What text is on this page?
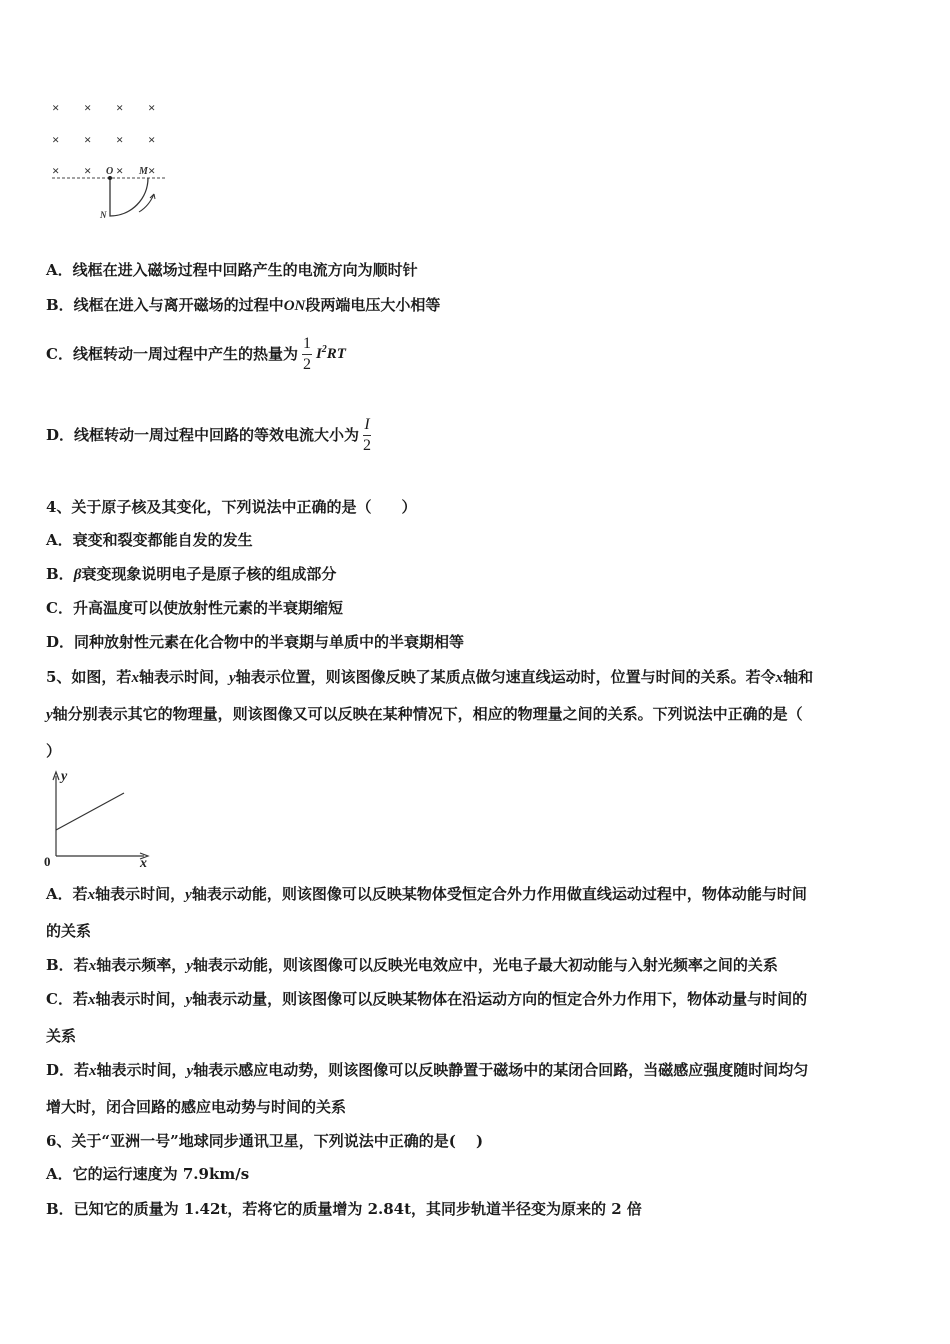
× × × ×
× × × ×
× × × ×
O	M
N
A．线框在进入磁场过程中回路产生的电流方向为顺时针
B．线框在进入与离开磁场的过程中ON段两端电压大小相等
C．线框转动一周过程中产生的热量为 $\frac{1}{2} I^2RT$
D．线框转动一周过程中回路的等效电流大小为 $\frac{I}{2}$
4、关于原子核及其变化，下列说法中正确的是（　　）
A．衰变和裂变都能自发的发生
B．β衰变现象说明电子是原子核的组成部分
C．升高温度可以使放射性元素的半衰期缩短
D．同种放射性元素在化合物中的半衰期与单质中的半衰期相等
5、如图，若x轴表示时间，y轴表示位置，则该图像反映了某质点做匀速直线运动时，位置与时间的关系。若令x轴和
y轴分别表示其它的物理量，则该图像又可以反映在某种情况下，相应的物理量之间的关系。下列说法中正确的是（
）
y
x
0
A．若x轴表示时间，y轴表示动能，则该图像可以反映某物体受恒定合外力作用做直线运动过程中，物体动能与时间
的关系
B．若x轴表示频率，y轴表示动能，则该图像可以反映光电效应中，光电子最大初动能与入射光频率之间的关系
C．若x轴表示时间，y轴表示动量，则该图像可以反映某物体在沿运动方向的恒定合外力作用下，物体动量与时间的
关系
D．若x轴表示时间，y轴表示感应电动势，则该图像可以反映静置于磁场中的某闭合回路，当磁感应强度随时间均匀
增大时，闭合回路的感应电动势与时间的关系
6、关于“亚洲一号”地球同步通讯卫星，下列说法中正确的是(　 )
A．它的运行速度为 7.9km/s
B．已知它的质量为 1.42t，若将它的质量增为 2.84t，其同步轨道半径变为原来的 2 倍
